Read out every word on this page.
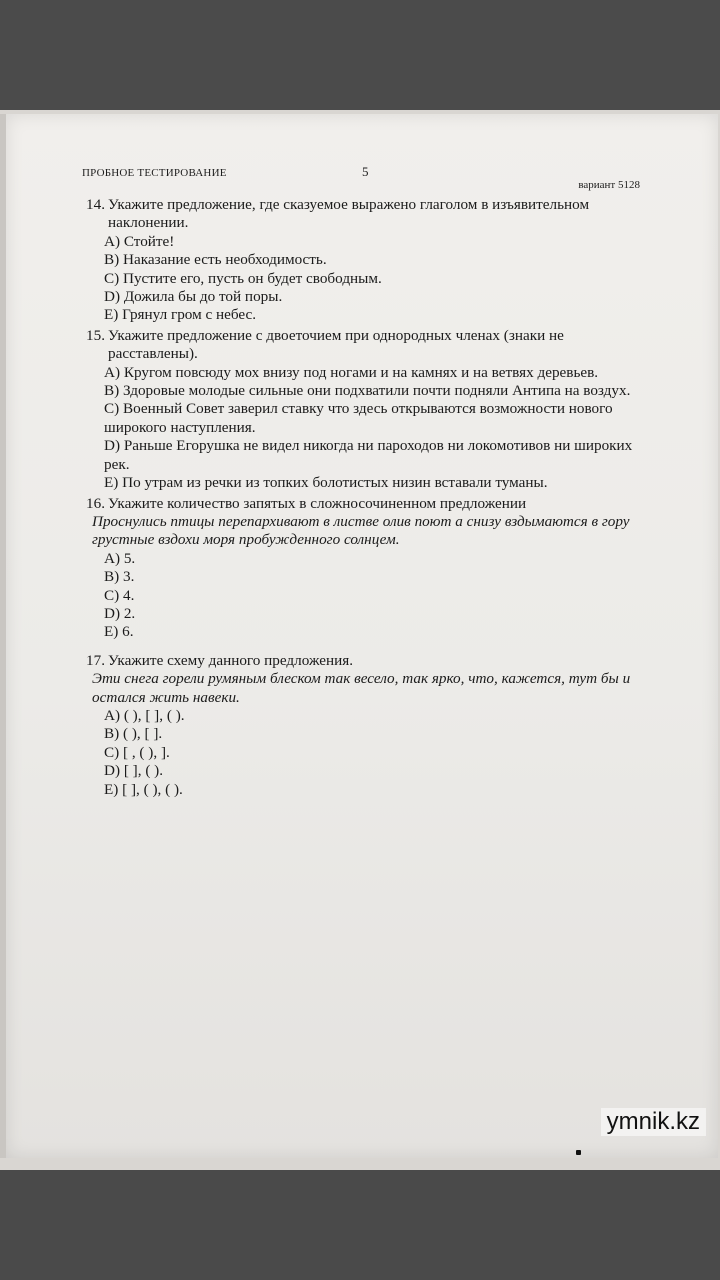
ПРОБНОЕ ТЕСТИРОВАНИЕ	5
вариант 5128
14. Укажите предложение, где сказуемое выражено глаголом в изъявительном наклонении.
A) Стойте!
B) Наказание есть необходимость.
C) Пустите его, пусть он будет свободным.
D) Дожила бы до той поры.
E) Грянул гром с небес.
15. Укажите предложение с двоеточием при однородных членах (знаки не расставлены).
A) Кругом повсюду мох внизу под ногами и на камнях и на ветвях деревьев.
B) Здоровые молодые сильные они подхватили почти подняли Антипа на воздух.
C) Военный Совет заверил ставку что здесь открываются возможности нового широкого наступления.
D) Раньше Егорушка не видел никогда ни пароходов ни локомотивов ни широких рек.
E) По утрам из речки из топких болотистых низин вставали туманы.
16. Укажите количество запятых в сложносочиненном предложении
Проснулись птицы перепархивают в листве олив поют а снизу вздымаются в гору грустные вздохи моря пробужденного солнцем.
A) 5.
B) 3.
C) 4.
D) 2.
E) 6.
17. Укажите схему данного предложения.
Эти снега горели румяным блеском так весело, так ярко, что, кажется, тут бы и остался жить навеки.
A) ( ), [ ], ( ).
B) ( ), [ ].
C) [ , ( ), ].
D) [ ], ( ).
E) [ ], ( ), ( ).
ymnik.kz
